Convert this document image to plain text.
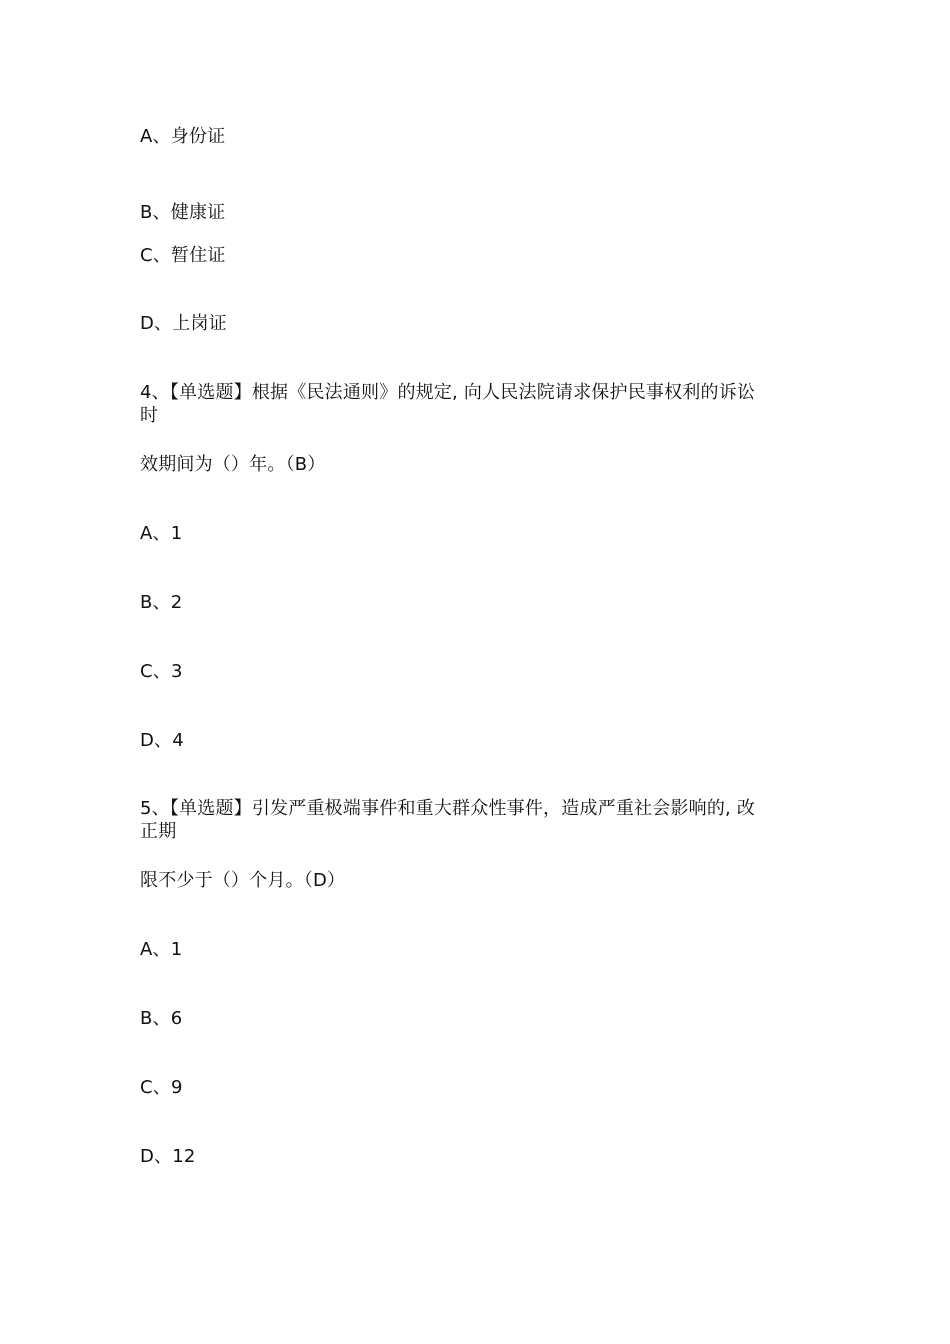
A、身份证
B、健康证
C、暂住证
D、上岗证
4、【单选题】根据《民法通则》的规定, 向人民法院请求保护民事权利的诉讼
时
效期间为（）年。（B）
A、1
B、2
C、3
D、4
5、【单选题】引发严重极端事件和重大群众性事件，造成严重社会影响的, 改
正期
限不少于（）个月。（D）
A、1
B、6
C、9
D、12
